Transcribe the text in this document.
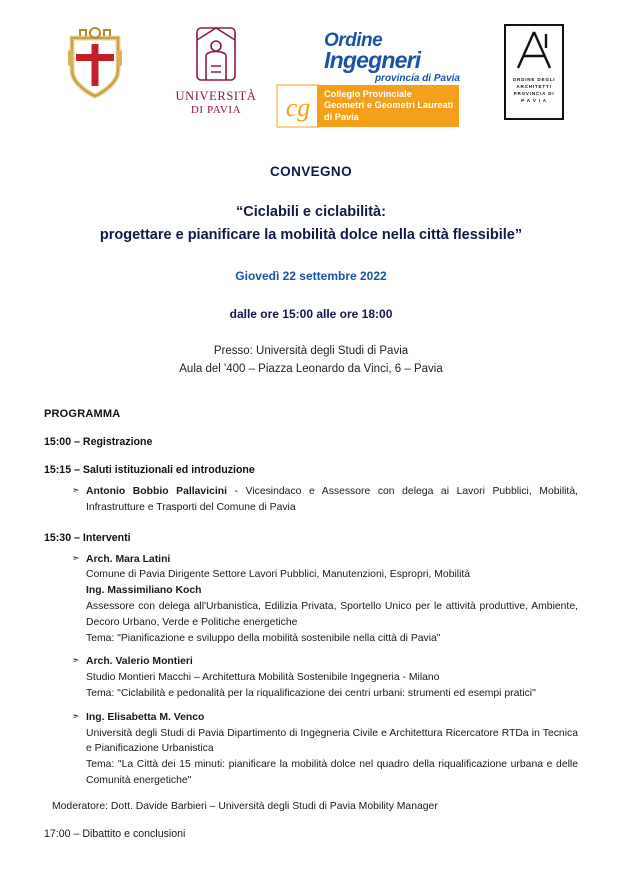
UNIVERSITÀ
DI PAVIA
Ordine
Ingegneri
provincia di Pavia
cg Collegio Provinciale
Geometri e Geometri Laureati
di Pavia
ORDINE DEGLI
ARCHITETTI
PROVINCIA DI
P A V I A
CONVEGNO
“Ciclabili e ciclabilità:
progettare e pianificare la mobilità dolce nella città flessibile”
Giovedì 22 settembre 2022
dalle ore 15:00 alle ore 18:00
Presso: Università degli Studi di Pavia
Aula del '400 – Piazza Leonardo da Vinci, 6 – Pavia
PROGRAMMA
15:00 – Registrazione
15:15 – Saluti istituzionali ed introduzione
➣ Antonio Bobbio Pallavicini - Vicesindaco e Assessore con delega ai Lavori Pubblici, Mobilità, Infrastrutture e Trasporti del Comune di Pavia
15:30 – Interventi
➣ Arch. Mara Latini
Comune di Pavia Dirigente Settore Lavori Pubblici, Manutenzioni, Espropri, Mobilità
Ing. Massimiliano Koch
Assessore con delega all'Urbanistica, Edilizia Privata, Sportello Unico per le attività produttive, Ambiente, Decoro Urbano, Verde e Politiche energetiche
Tema: "Pianificazione e sviluppo della mobilità sostenibile nella città di Pavia"
➣ Arch. Valerio Montieri
Studio Montieri Macchi – Architettura Mobilità Sostenibile Ingegneria - Milano
Tema: "Ciclabilità e pedonalità per la riqualificazione dei centri urbani: strumenti ed esempi pratici"
➣ Ing. Elisabetta M. Venco
Università degli Studi di Pavia Dipartimento di Ingegneria Civile e Architettura Ricercatore RTDa in Tecnica e Pianificazione Urbanistica
Tema: "La Città dei 15 minuti: pianificare la mobilità dolce nel quadro della riqualificazione urbana e delle Comunità energetiche"
Moderatore: Dott. Davide Barbieri – Università degli Studi di Pavia Mobility Manager
17:00 – Dibattito e conclusioni
